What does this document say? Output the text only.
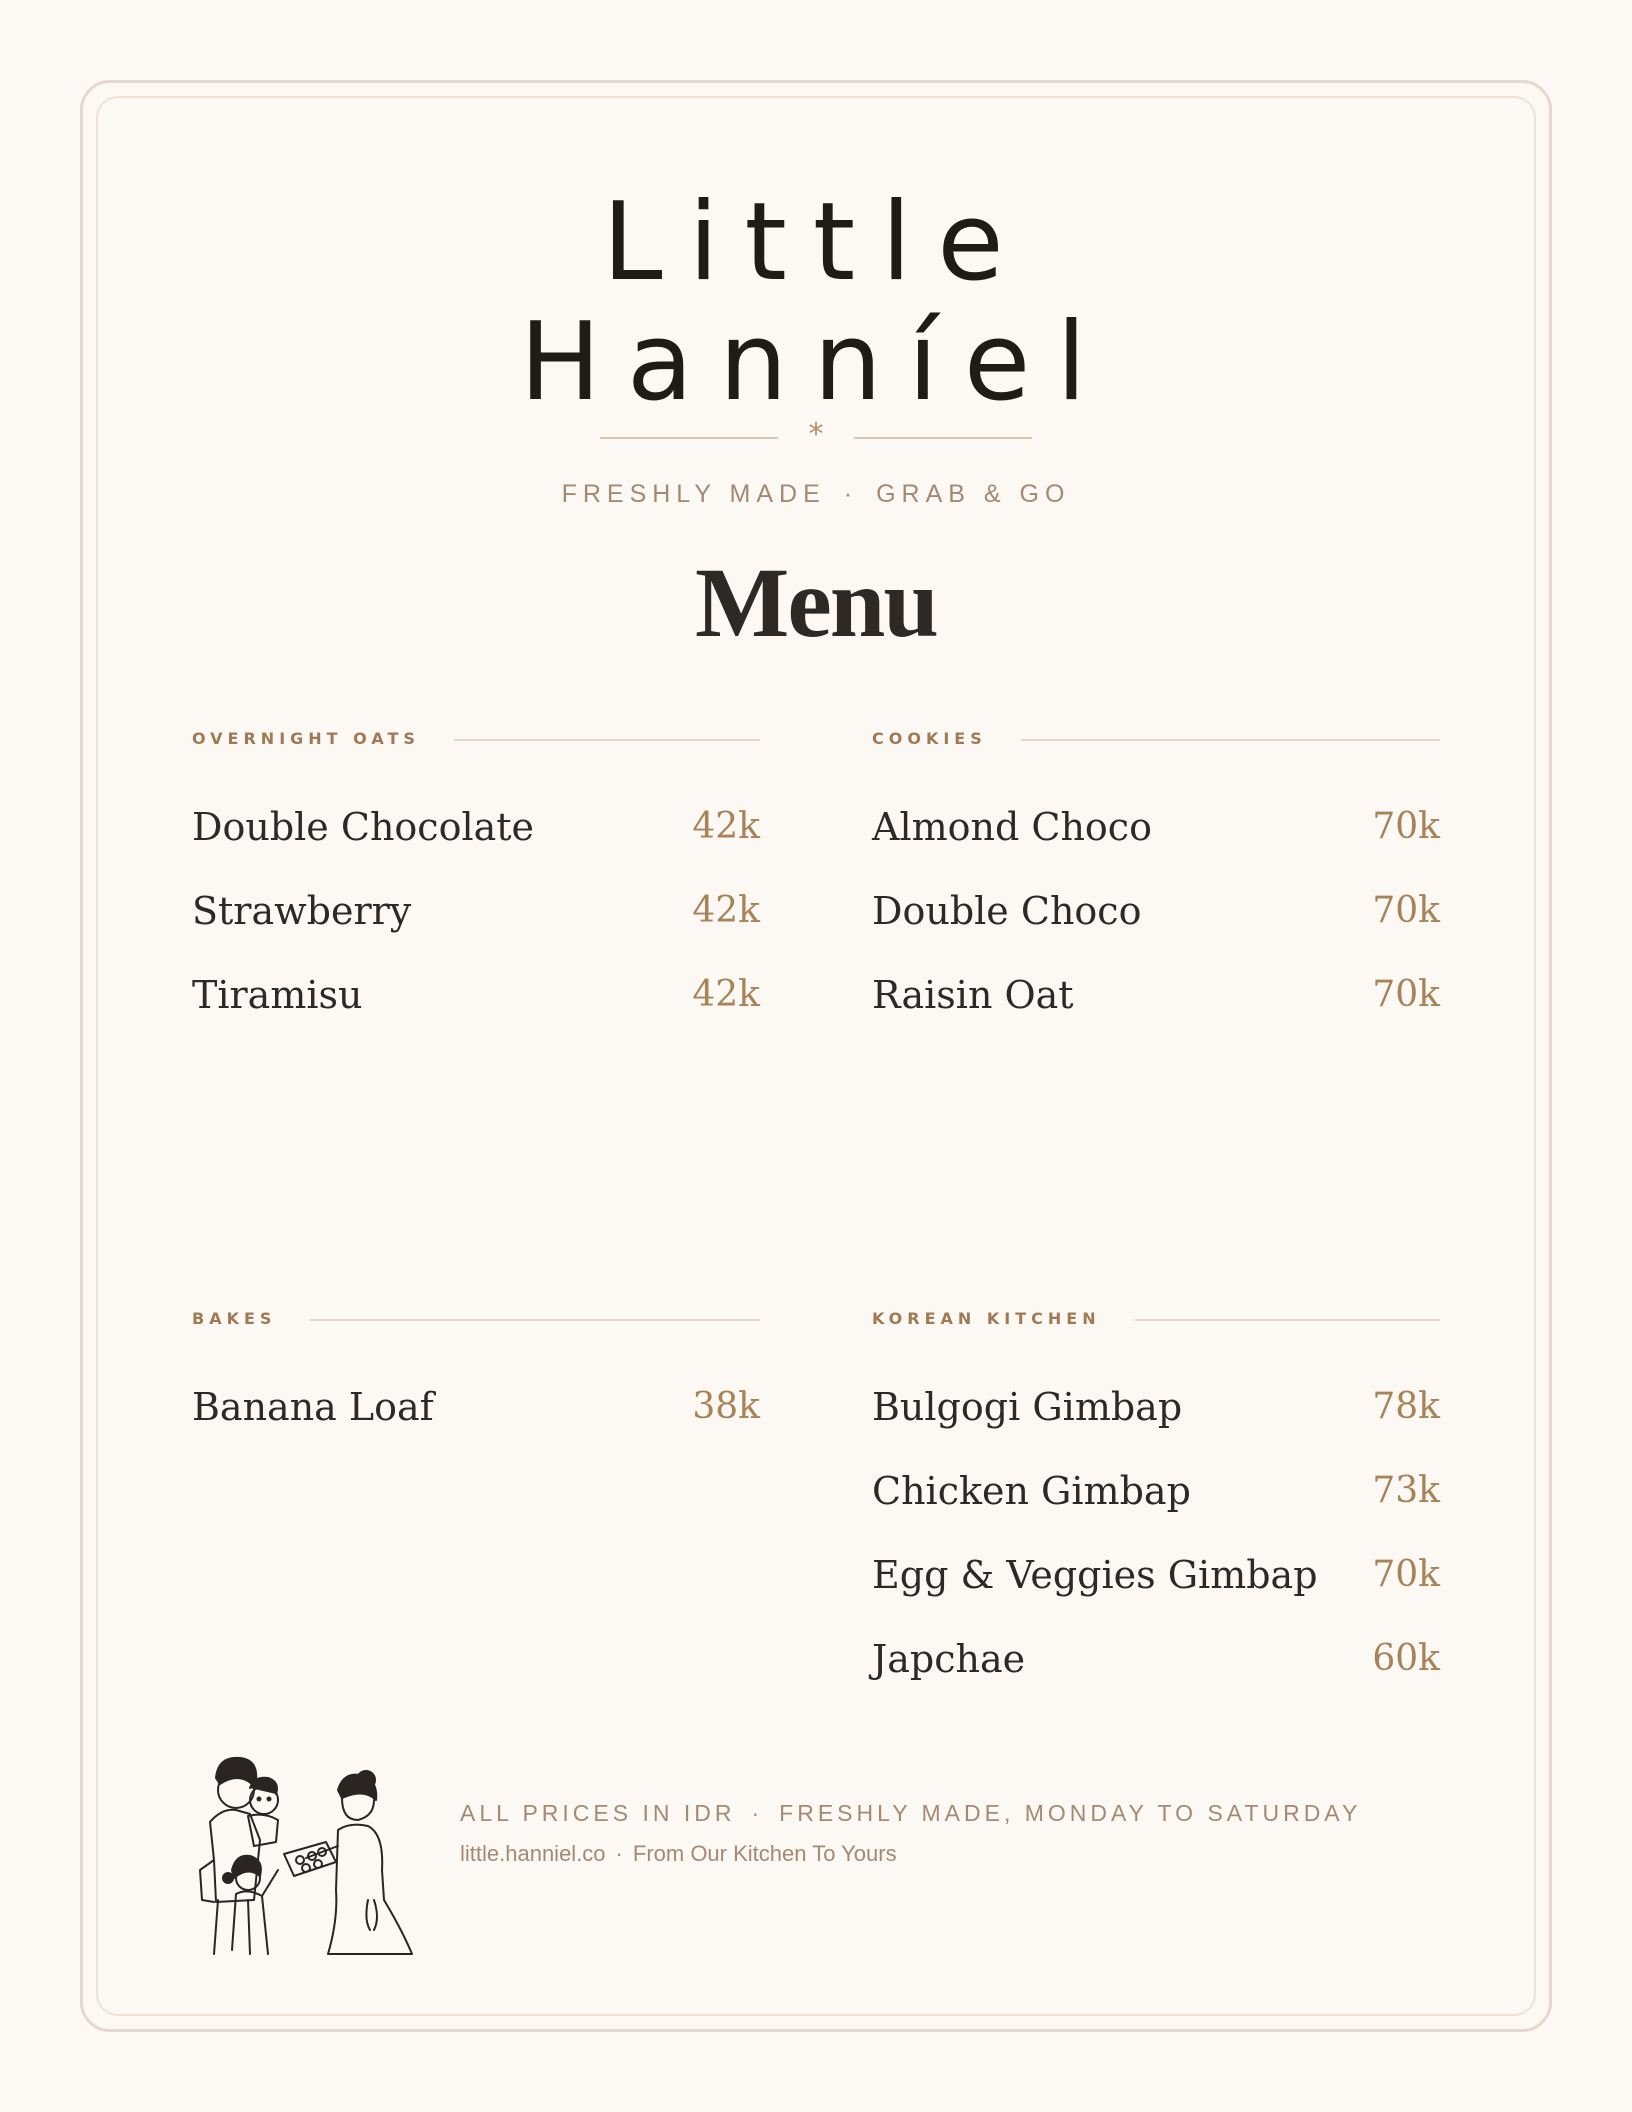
Little
Hanníel
*
FRESHLY MADE · GRAB & GO
Menu
OVERNIGHT OATS
Double Chocolate	42k
Strawberry	42k
Tiramisu	42k
COOKIES
Almond Choco	70k
Double Choco	70k
Raisin Oat	70k
BAKES
Banana Loaf	38k
KOREAN KITCHEN
Bulgogi Gimbap	78k
Chicken Gimbap	73k
Egg & Veggies Gimbap 70k
Japchae	60k
ALL PRICES IN IDR · FRESHLY MADE, MONDAY TO SATURDAY
little.hanniel.co · From Our Kitchen To Yours
